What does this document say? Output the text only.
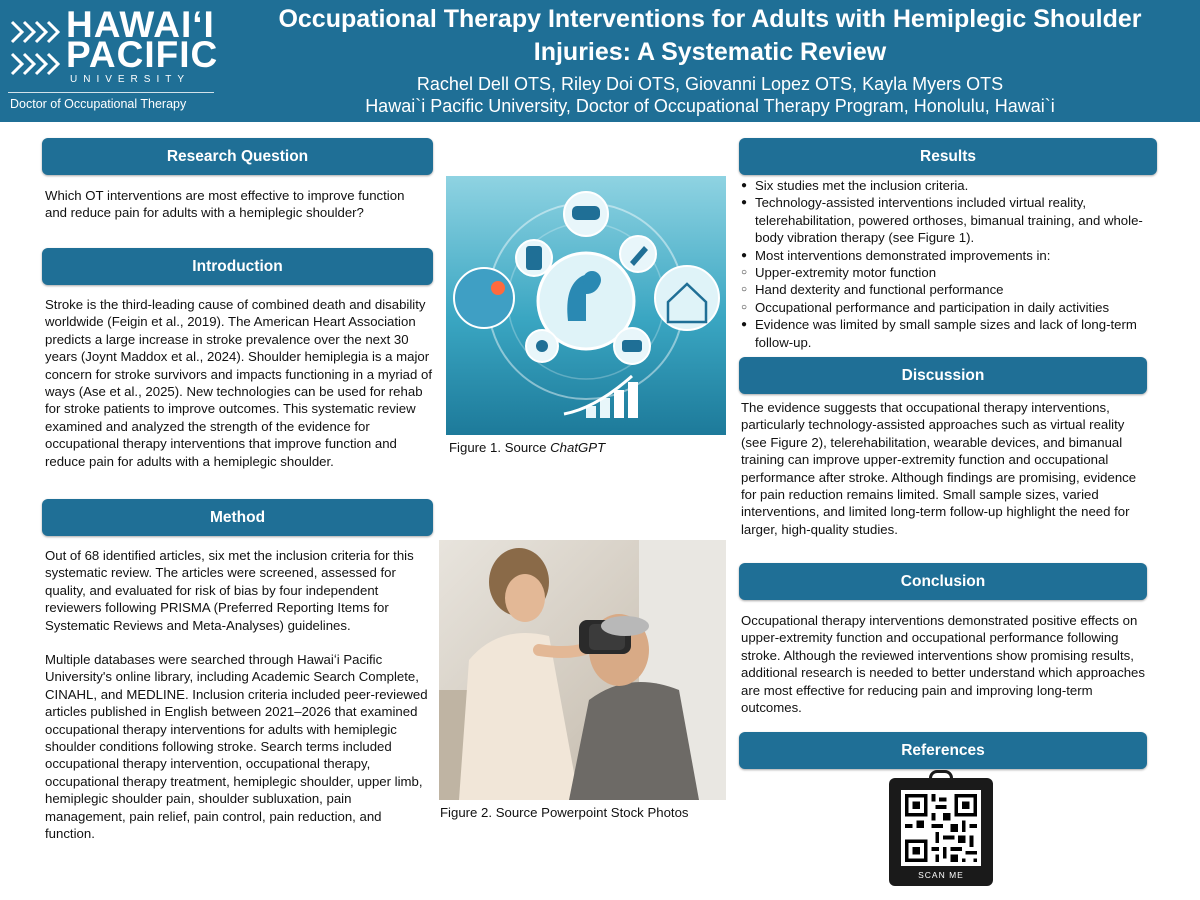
HAWAIʻI
PACIFIC
UNIVERSITY
Doctor of Occupational Therapy
Occupational Therapy Interventions for Adults with Hemiplegic Shoulder
Injuries: A Systematic Review
Rachel Dell OTS, Riley Doi OTS, Giovanni Lopez OTS, Kayla Myers OTS
Hawai`i Pacific University, Doctor of Occupational Therapy Program, Honolulu, Hawai`i
Research Question
Which OT interventions are most effective to improve function and reduce pain for adults with a hemiplegic shoulder?
Introduction
Stroke is the third-leading cause of combined death and disability worldwide (Feigin et al., 2019). The American Heart Association predicts a large increase in stroke prevalence over the next 30 years (Joynt Maddox et al., 2024). Shoulder hemiplegia is a major concern for stroke survivors and impacts functioning in a myriad of ways (Ase et al., 2025). New technologies can be used for rehab for stroke patients to improve outcomes. This systematic review examined and analyzed the strength of the evidence for occupational therapy interventions that improve function and reduce pain for adults with a hemiplegic shoulder.
Method

Out of 68 identified articles, six met the inclusion criteria for this systematic review. The articles were screened, assessed for quality, and evaluated for risk of bias by four independent reviewers following PRISMA (Preferred Reporting Items for Systematic Reviews and Meta-Analyses) guidelines.

Multiple databases were searched through Hawaiʻi Pacific University's online library, including Academic Search Complete, CINAHL, and MEDLINE. Inclusion criteria included peer-reviewed articles published in English between 2021–2026 that examined occupational therapy interventions for adults with hemiplegic shoulder conditions following stroke. Search terms included occupational therapy intervention, occupational therapy, occupational therapy treatment, hemiplegic shoulder, upper limb, hemiplegic shoulder pain, shoulder subluxation, pain management, pain relief, pain control, pain reduction, and function.

Figure 1. Source ChatGPT
Figure 2. Source Powerpoint Stock Photos
Results
● Six studies met the inclusion criteria.
● Technology-assisted interventions included virtual reality, telerehabilitation, powered orthoses, bimanual training, and whole-body vibration therapy (see Figure 1).
● Most interventions demonstrated improvements in:
○ Upper-extremity motor function
○ Hand dexterity and functional performance
○ Occupational performance and participation in daily activities
● Evidence was limited by small sample sizes and lack of long-term follow-up.
Discussion
The evidence suggests that occupational therapy interventions, particularly technology-assisted approaches such as virtual reality (see Figure 2), telerehabilitation, wearable devices, and bimanual training can improve upper-extremity function and occupational performance after stroke. Although findings are promising, evidence for pain reduction remains limited. Small sample sizes, varied interventions, and limited long-term follow-up highlight the need for larger, high-quality studies.
Conclusion
Occupational therapy interventions demonstrated positive effects on upper-extremity function and occupational performance following stroke. Although the reviewed interventions show promising results, additional research is needed to better understand which approaches are most effective for reducing pain and improving long-term outcomes.
References
SCAN ME
